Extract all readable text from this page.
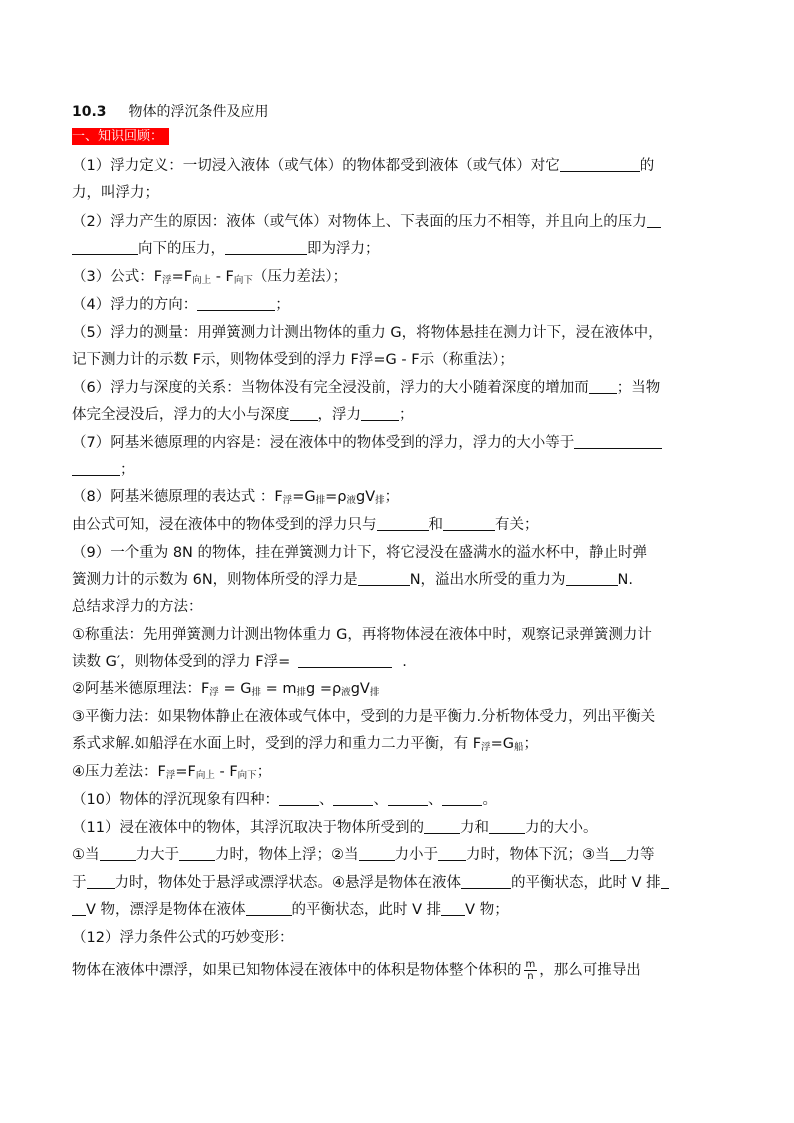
10.3 物体的浮沉条件及应用
一、知识回顾：
（1）浮力定义：一切浸入液体（或气体）的物体都受到液体（或气体）对它	的
力，叫浮力；
（2）浮力产生的原因：液体（或气体）对物体上、下表面的压力不相等，并且向上的压力
向下的压力，	即为浮力；
（3）公式：$F_浮=F_{向上} - F_{向下}$（压力差法）；
（4）浮力的方向：	；
（5）浮力的测量：用弹簧测力计测出物体的重力 G，将物体悬挂在测力计下，浸在液体中，
记下测力计的示数 F示，则物体受到的浮力 F浮=G - F示（称重法）；
（6）浮力与深度的关系：当物体没有完全浸没前，浮力的大小随着深度的增加而 ；当物
体完全浸没后，浮力的大小与深度 ，浮力	；
（7）阿基米德原理的内容是：浸在液体中的物体受到的浮力，浮力的大小等于
；
（8）阿基米德原理的表达式 ：$F_浮=G_排=\rho_液gV_排$；
由公式可知，浸在液体中的物体受到的浮力只与	和	有关；
（9）一个重为 8N 的物体，挂在弹簧测力计下，将它浸没在盛满水的溢水杯中，静止时弹
簧测力计的示数为 6N，则物体所受的浮力是	N，溢出水所受的重力为	N.
总结求浮力的方法：
①称重法：先用弹簧测力计测出物体重力 G，再将物体浸在液体中时，观察记录弹簧测力计
读数 G′，则物体受到的浮力 F浮=	.
②阿基米德原理法：$F_浮 = G_排 = m_排g =\rho_液gV_排$
③平衡力法：如果物体静止在液体或气体中，受到的力是平衡力.分析物体受力，列出平衡关
系式求解.如船浮在水面上时，受到的浮力和重力二力平衡，有 $F_浮=G_船$；
④压力差法：$F_浮=F_{向上} - F_{向下}$；
（10）物体的浮沉现象有四种：	、	、	、	。
（11）浸在液体中的物体，其浮沉取决于物体所受到的 力和 力的大小。
①当 力大于 力时，物体上浮；②当 力小于 力时，物体下沉；③当 力等
于 力时，物体处于悬浮或漂浮状态。④悬浮是物体在液体	的平衡状态，此时 V 排
V 物，漂浮是物体在液体	的平衡状态，此时 V 排 V 物；
（12）浮力条件公式的巧妙变形：
物体在液体中漂浮，如果已知物体浸在液体中的体积是物体整个体积的 $\frac{m}{n}$ ，那么可推导出
